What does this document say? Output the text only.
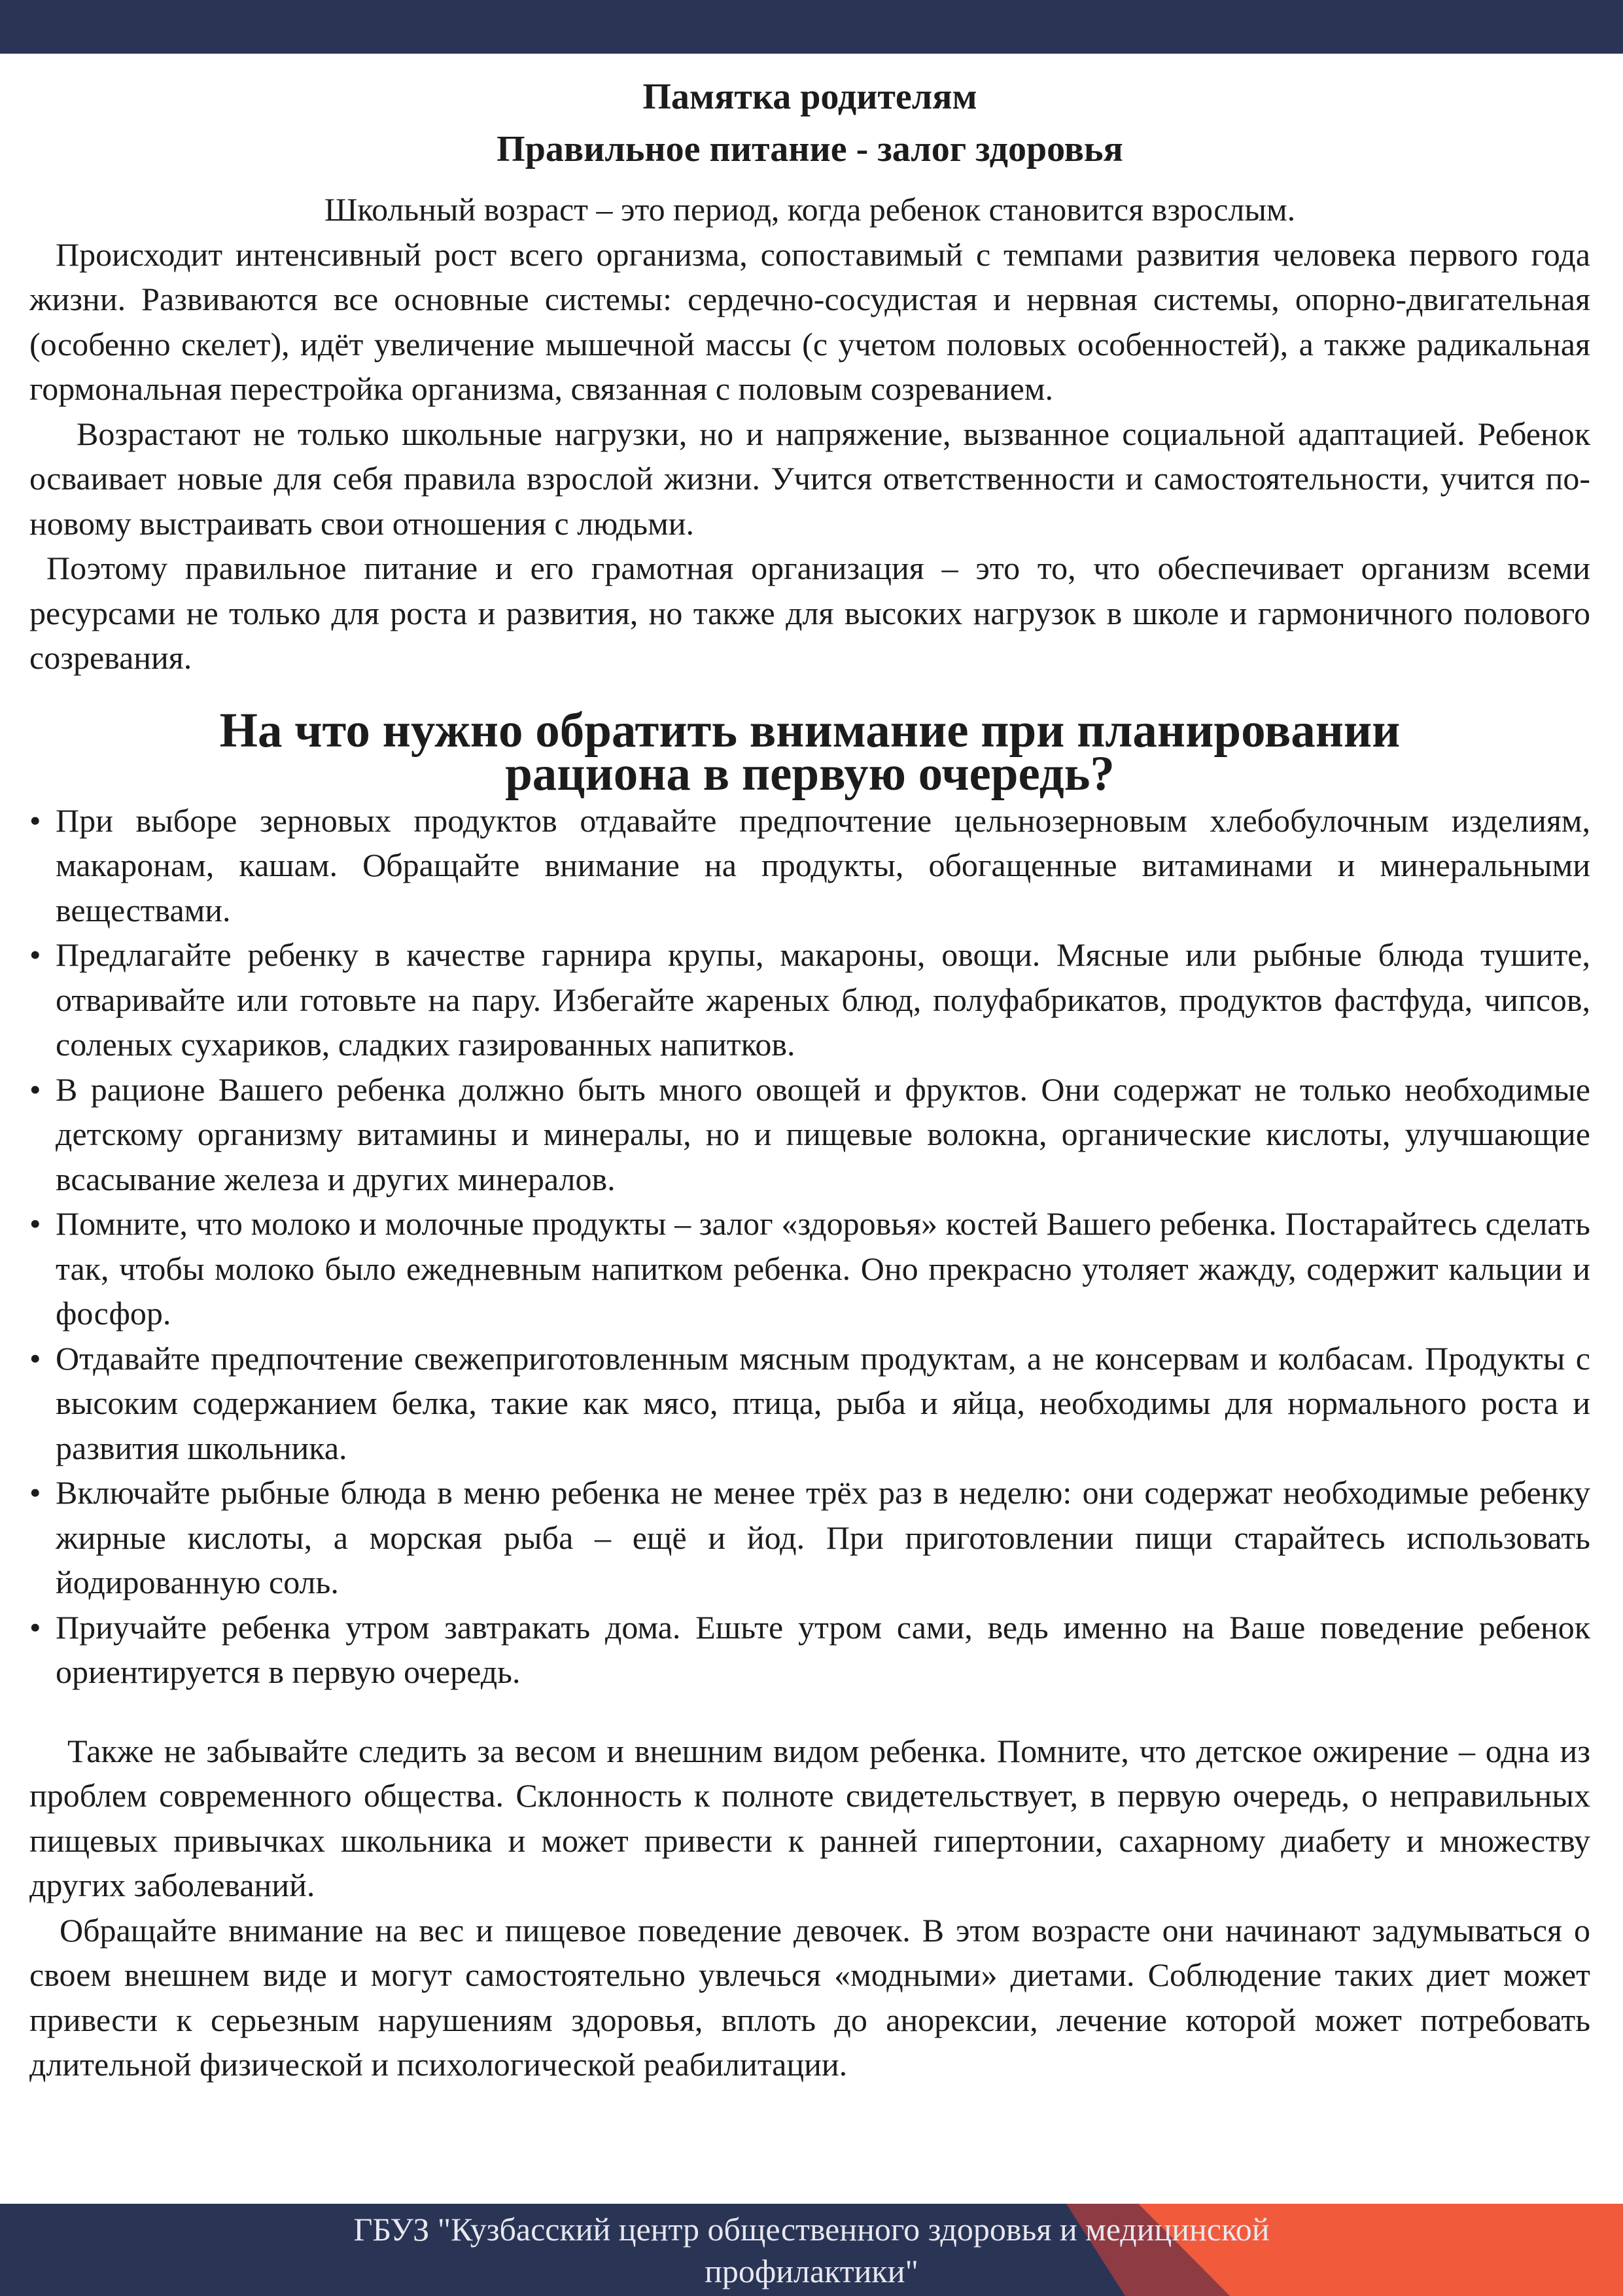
Памятка родителям
Правильное питание - залог здоровья

Школьный возраст – это период, когда ребенок становится взрослым.

Происходит интенсивный рост всего организма, сопоставимый с темпами развития человека первого года жизни. Развиваются все основные системы: сердечно-сосудистая и нервная системы, опорно-двигательная (особенно скелет), идёт увеличение мышечной массы (с учетом половых особенностей), а также радикальная гормональная перестройка организма, связанная с половым созреванием.

Возрастают не только школьные нагрузки, но и напряжение, вызванное социальной адаптацией. Ребенок осваивает новые для себя правила взрослой жизни. Учится ответственности и самостоятельности, учится по-новому выстраивать свои отношения с людьми.

Поэтому правильное питание и его грамотная организация – это то, что обеспечивает организм всеми ресурсами не только для роста и развития, но также для высоких нагрузок в школе и гармоничного полового созревания.

На что нужно обратить внимание при планировании
рациона в первую очередь?
• При выборе зерновых продуктов отдавайте предпочтение цельнозерновым хлебобулочным изделиям, макаронам, кашам. Обращайте внимание на продукты, обогащенные витаминами и минеральными веществами.
• Предлагайте ребенку в качестве гарнира крупы, макароны, овощи. Мясные или рыбные блюда тушите, отваривайте или готовьте на пару. Избегайте жареных блюд, полуфабрикатов, продуктов фастфуда, чипсов, соленых сухариков, сладких газированных напитков.
• В рационе Вашего ребенка должно быть много овощей и фруктов. Они содержат не только необходимые детскому организму витамины и минералы, но и пищевые волокна, органические кислоты, улучшающие всасывание железа и других минералов.
• Помните, что молоко и молочные продукты – залог «здоровья» костей Вашего ребенка. Постарайтесь сделать так, чтобы молоко было ежедневным напитком ребенка. Оно прекрасно утоляет жажду, содержит кальции и фосфор.
• Отдавайте предпочтение свежеприготовленным мясным продуктам, а не консервам и колбасам. Продукты с высоким содержанием белка, такие как мясо, птица, рыба и яйца, необходимы для нормального роста и развития школьника.
• Включайте рыбные блюда в меню ребенка не менее трёх раз в неделю: они содержат необходимые ребенку жирные кислоты, а морская рыба – ещё и йод. При приготовлении пищи старайтесь использовать йодированную соль.
• Приучайте ребенка утром завтракать дома. Ешьте утром сами, ведь именно на Ваше поведение ребенок ориентируется в первую очередь.

Также не забывайте следить за весом и внешним видом ребенка. Помните, что детское ожирение – одна из проблем современного общества. Склонность к полноте свидетельствует, в первую очередь, о неправильных пищевых привычках школьника и может привести к ранней гипертонии, сахарному диабету и множеству других заболеваний.

Обращайте внимание на вес и пищевое поведение девочек. В этом возрасте они начинают задумываться о своем внешнем виде и могут самостоятельно увлечься «модными» диетами. Соблюдение таких диет может привести к серьезным нарушениям здоровья, вплоть до анорексии, лечение которой может потребовать длительной физической и психологической реабилитации.

ГБУЗ "Кузбасский центр общественного здоровья и медицинской профилактики"
